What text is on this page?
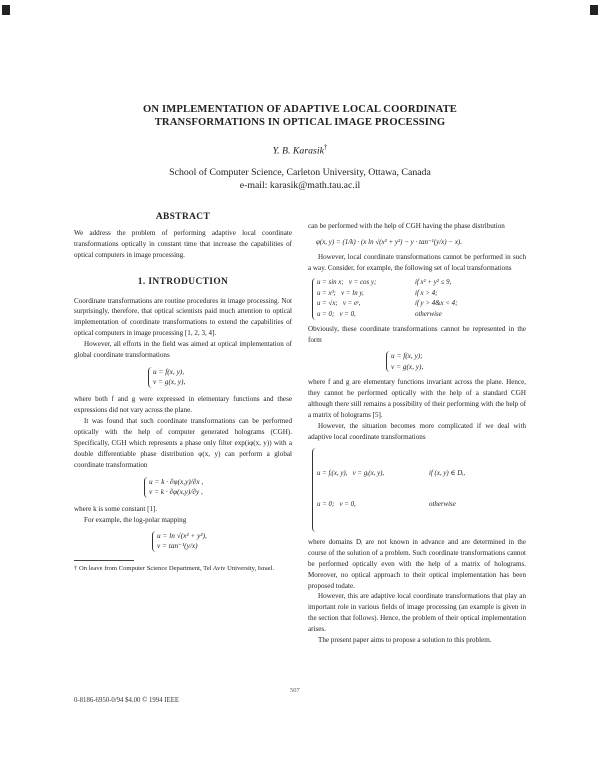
ON IMPLEMENTATION OF ADAPTIVE LOCAL COORDINATE
TRANSFORMATIONS IN OPTICAL IMAGE PROCESSING
Y. B. Karasik†
School of Computer Science, Carleton University, Ottawa, Canada
e-mail: karasik@math.tau.ac.il
ABSTRACT

We address the problem of performing adaptive local coordinate transformations optically in constant time that increase the capabilities of optical computers in image processing.

1. INTRODUCTION

Coordinate transformations are routine procedures in image processing. Not surprisingly, therefore, that optical scientists paid much attention to optical implementation of coordinate transformations to extend the capabilities of optical computers in image processing [1, 2, 3, 4].

However, all efforts in the field was aimed at optical implementation of global coordinate transformations

u = f(x, y),
v = g(x, y),

where both f and g were expressed in elementary functions and these expressions did not vary across the plane.

It was found that such coordinate transformations can be performed optically with the help of computer generated holograms (CGH). Specifically, CGH which represents a phase only filter exp(iφ(x, y)) with a double differentiable phase distribution φ(x, y) can perform a global coordinate transformation

u = k · ∂φ(x,y)/∂x ,
v = k · ∂φ(x,y)/∂y ,

where k is some constant [1].

For example, the log-polar mapping

u = ln √(x² + y²),
v = tan⁻¹(y/x)
† On leave from Computer Science Department, Tel Aviv University, Israel.

can be performed with the help of CGH having the phase distribution

φ(x, y) = (1/k) · (x ln √(x² + y²) − y · tan⁻¹(y/x) − x).

However, local coordinate transformations cannot be performed in such a way. Consider, for example, the following set of local transformations

u = sin x;   v = cos y;	if x² + y² ≤ 9,
u = x³;   v = ln y,	if x > 4;
u = √x;   v = eʸ,	if y > 4&x < 4;
u = 0;   v = 0,	otherwise

Obviously, these coordinate transformations cannot be represented in the form

u = f(x, y);
v = g(x, y),

where f and g are elementary functions invariant across the plane. Hence, they cannot be performed optically with the help of a standard CGH although there still remains a possibility of their performing with the help of a matrix of holograms [5].

However, the situation becomes more complicated if we deal with adaptive local coordinate transformations

u = fᵢ(x, y),   v = gᵢ(x, y),	if (x, y) ∈ Dᵢ,

u = 0;   v = 0,	otherwise

where domains Dᵢ are not known in advance and are determined in the course of the solution of a problem. Such coordinate transformations cannot be performed optically even with the help of a matrix of holograms. Moreover, no optical approach to their optical implementation has been proposed todate.

However, this are adaptive local coordinate transformations that play an important role in various fields of image processing (an example is given in the section that follows). Hence, the problem of their optical implementation arises.

The present paper aims to propose a solution to this problem.

507
0-8186-6950-0/94 $4.00 © 1994 IEEE
